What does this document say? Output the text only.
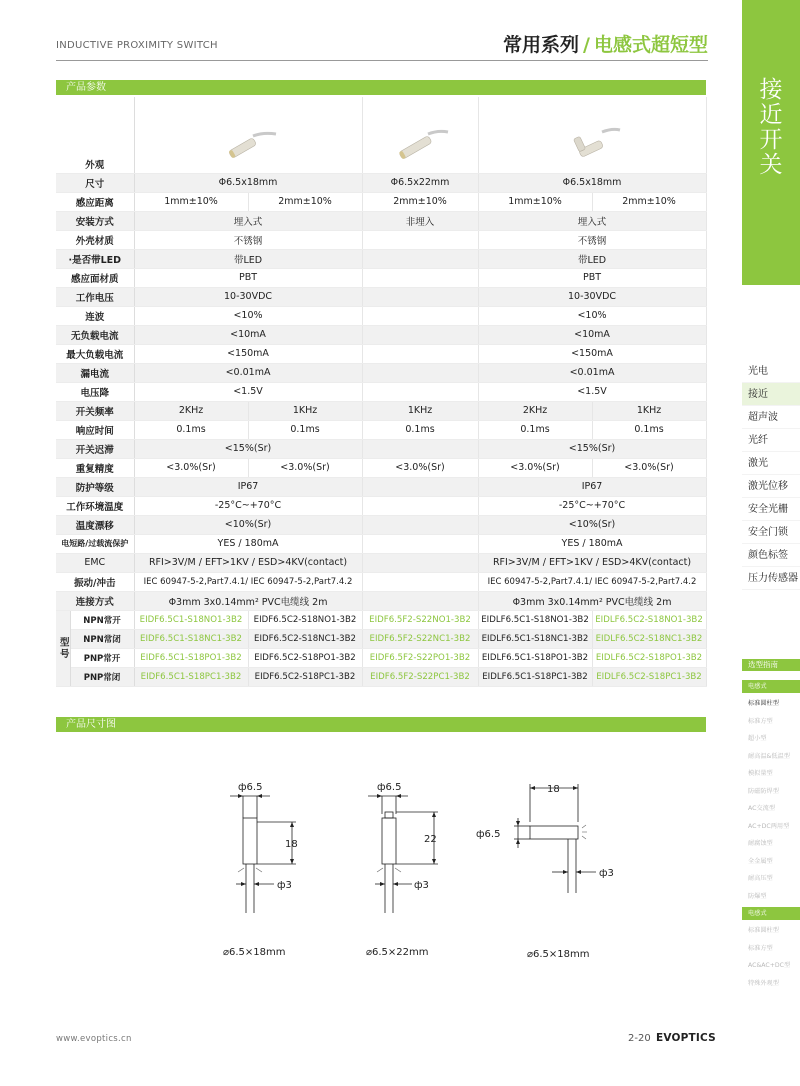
INDUCTIVE PROXIMITY SWITCH	常用系列 / 电感式超短型
产品参数
外观			
尺寸		Φ6.5x18mm		Φ6.5x22mm	Φ6.5x18mm	
感应距离		1mm±10%	2mm±10%	2mm±10%	1mm±10%	2mm±10%
安装方式		埋入式		非埋入	埋入式	
外壳材质		不锈钢			不锈钢	
·是否带LED		带LED			带LED	
感应面材质		PBT			PBT	
工作电压		10-30VDC			10-30VDC	
连波		<10%			<10%	
无负载电流		<10mA			<10mA	
最大负载电流		<150mA			<150mA	
漏电流		<0.01mA			<0.01mA	
电压降		<1.5V			<1.5V	
开关频率		2KHz	1KHz	1KHz	2KHz	1KHz
响应时间		0.1ms	0.1ms	0.1ms	0.1ms	0.1ms
开关迟滞		<15%(Sr)			<15%(Sr)	
重复精度		<3.0%(Sr)	<3.0%(Sr)	<3.0%(Sr)	<3.0%(Sr)	<3.0%(Sr)
防护等级		IP67			IP67	
工作环境温度		-25°C~+70°C			-25°C~+70°C	
温度漂移		<10%(Sr)			<10%(Sr)	
电短路/过载流保护		YES / 180mA			YES / 180mA	
EMC		RFI>3V/M / EFT>1KV / ESD>4KV(contact)			RFI>3V/M / EFT>1KV / ESD>4KV(contact)	
振动/冲击		IEC 60947-5-2,Part7.4.1/ IEC 60947-5-2,Part7.4.2			IEC 60947-5-2,Part7.4.1/ IEC 60947-5-2,Part7.4.2	
连接方式		Φ3mm 3x0.14mm² PVC电缆线 2m			Φ3mm 3x0.14mm² PVC电缆线 2m	
型号	NPN常开	EIDF6.5C1-S18NO1-3B2	EIDF6.5C2-S18NO1-3B2	EIDF6.5F2-S22NO1-3B2	EIDLF6.5C1-S18NO1-3B2	EIDLF6.5C2-S18NO1-3B2
	NPN常闭	EIDF6.5C1-S18NC1-3B2	EIDF6.5C2-S18NC1-3B2	EIDF6.5F2-S22NC1-3B2	EIDLF6.5C1-S18NC1-3B2	EIDLF6.5C2-S18NC1-3B2
	PNP常开	EIDF6.5C1-S18PO1-3B2	EIDF6.5C2-S18PO1-3B2	EIDF6.5F2-S22PO1-3B2	EIDLF6.5C1-S18PO1-3B2	EIDLF6.5C2-S18PO1-3B2
	PNP常闭	EIDF6.5C1-S18PC1-3B2	EIDF6.5C2-S18PC1-3B2	EIDF6.5F2-S22PC1-3B2	EIDLF6.5C1-S18PC1-3B2	EIDLF6.5C2-S18PC1-3B2
产品尺寸图
ф6.5
18
ф3
ф6.5
22
ф3
18
ф6.5
ф3
⌀6.5×18mm	⌀6.5×22mm	⌀6.5×18mm
接近开关
光电
接近
超声波
光纤
激光
激光位移
安全光栅
安全门锁
颜色标签
压力传感器
选型指南
电感式
标准圆柱型
标准方型
超小型
耐高温&低温型
模拟量型
防磁防焊型
AC交流型
AC+DC两用型
耐腐蚀型
全金属型
耐高压型
防爆型
电感式
标准圆柱型
标准方型
AC&AC+DC型
特殊外观型
www.evoptics.cn	2-20 EVOPTICS
